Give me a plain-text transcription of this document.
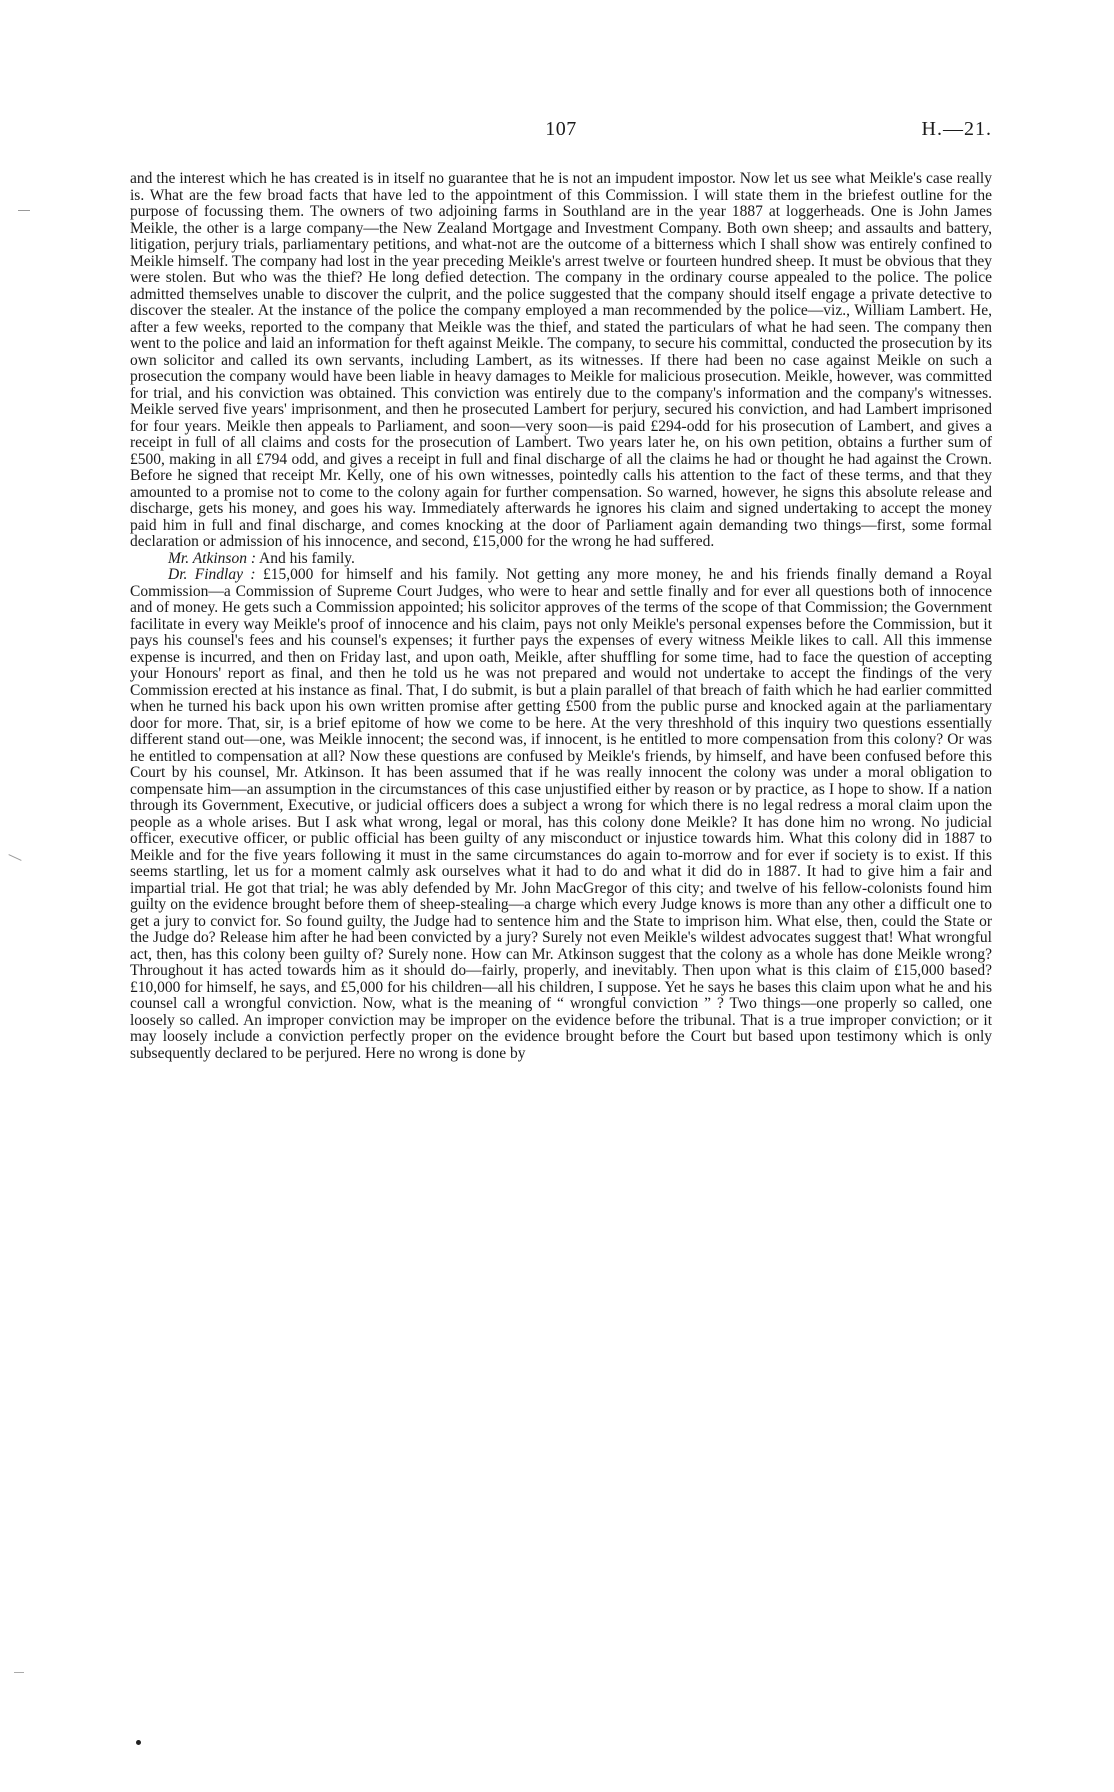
107	H.—21.

and the interest which he has created is in itself no guarantee that he is not an impudent impostor. Now let us see what Meikle's case really is. What are the few broad facts that have led to the appointment of this Commission. I will state them in the briefest outline for the purpose of focussing them. The owners of two adjoining farms in Southland are in the year 1887 at loggerheads. One is John James Meikle, the other is a large company—the New Zealand Mortgage and Investment Company. Both own sheep; and assaults and battery, litigation, perjury trials, parliamentary petitions, and what-not are the outcome of a bitterness which I shall show was entirely confined to Meikle himself. The company had lost in the year preceding Meikle's arrest twelve or fourteen hundred sheep. It must be obvious that they were stolen. But who was the thief? He long defied detection. The company in the ordinary course appealed to the police. The police admitted themselves unable to discover the culprit, and the police suggested that the company should itself engage a private detective to discover the stealer. At the instance of the police the company employed a man recommended by the police—viz., William Lambert. He, after a few weeks, reported to the company that Meikle was the thief, and stated the particulars of what he had seen. The company then went to the police and laid an information for theft against Meikle. The company, to secure his committal, conducted the prosecution by its own solicitor and called its own servants, including Lambert, as its witnesses. If there had been no case against Meikle on such a prosecution the company would have been liable in heavy damages to Meikle for malicious prosecution. Meikle, however, was committed for trial, and his conviction was obtained. This conviction was entirely due to the company's information and the company's witnesses. Meikle served five years' imprisonment, and then he prosecuted Lambert for perjury, secured his conviction, and had Lambert imprisoned for four years. Meikle then appeals to Parliament, and soon—very soon—is paid £294-odd for his prosecution of Lambert, and gives a receipt in full of all claims and costs for the prosecution of Lambert. Two years later he, on his own petition, obtains a further sum of £500, making in all £794 odd, and gives a receipt in full and final discharge of all the claims he had or thought he had against the Crown. Before he signed that receipt Mr. Kelly, one of his own witnesses, pointedly calls his attention to the fact of these terms, and that they amounted to a promise not to come to the colony again for further compensation. So warned, however, he signs this absolute release and discharge, gets his money, and goes his way. Immediately afterwards he ignores his claim and signed undertaking to accept the money paid him in full and final discharge, and comes knocking at the door of Parliament again demanding two things—first, some formal declaration or admission of his innocence, and second, £15,000 for the wrong he had suffered.

Mr. Atkinson : And his family.

Dr. Findlay : £15,000 for himself and his family. Not getting any more money, he and his friends finally demand a Royal Commission—a Commission of Supreme Court Judges, who were to hear and settle finally and for ever all questions both of innocence and of money. He gets such a Commission appointed; his solicitor approves of the terms of the scope of that Commission; the Government facilitate in every way Meikle's proof of innocence and his claim, pays not only Meikle's personal expenses before the Commission, but it pays his counsel's fees and his counsel's expenses; it further pays the expenses of every witness Meikle likes to call. All this immense expense is incurred, and then on Friday last, and upon oath, Meikle, after shuffling for some time, had to face the question of accepting your Honours' report as final, and then he told us he was not prepared and would not undertake to accept the findings of the very Commission erected at his instance as final. That, I do submit, is but a plain parallel of that breach of faith which he had earlier committed when he turned his back upon his own written promise after getting £500 from the public purse and knocked again at the parliamentary door for more. That, sir, is a brief epitome of how we come to be here. At the very threshhold of this inquiry two questions essentially different stand out—one, was Meikle innocent; the second was, if innocent, is he entitled to more compensation from this colony? Or was he entitled to compensation at all? Now these questions are confused by Meikle's friends, by himself, and have been confused before this Court by his counsel, Mr. Atkinson. It has been assumed that if he was really innocent the colony was under a moral obligation to compensate him—an assumption in the circumstances of this case unjustified either by reason or by practice, as I hope to show. If a nation through its Government, Executive, or judicial officers does a subject a wrong for which there is no legal redress a moral claim upon the people as a whole arises. But I ask what wrong, legal or moral, has this colony done Meikle? It has done him no wrong. No judicial officer, executive officer, or public official has been guilty of any misconduct or injustice towards him. What this colony did in 1887 to Meikle and for the five years following it must in the same circumstances do again to-morrow and for ever if society is to exist. If this seems startling, let us for a moment calmly ask ourselves what it had to do and what it did do in 1887. It had to give him a fair and impartial trial. He got that trial; he was ably defended by Mr. John MacGregor of this city; and twelve of his fellow-colonists found him guilty on the evidence brought before them of sheep-stealing—a charge which every Judge knows is more than any other a difficult one to get a jury to convict for. So found guilty, the Judge had to sentence him and the State to imprison him. What else, then, could the State or the Judge do? Release him after he had been convicted by a jury? Surely not even Meikle's wildest advocates suggest that! What wrongful act, then, has this colony been guilty of? Surely none. How can Mr. Atkinson suggest that the colony as a whole has done Meikle wrong? Throughout it has acted towards him as it should do—fairly, properly, and inevitably. Then upon what is this claim of £15,000 based? £10,000 for himself, he says, and £5,000 for his children—all his children, I suppose. Yet he says he bases this claim upon what he and his counsel call a wrongful conviction. Now, what is the meaning of “ wrongful conviction ” ? Two things—one properly so called, one loosely so called. An improper conviction may be improper on the evidence before the tribunal. That is a true improper conviction; or it may loosely include a conviction perfectly proper on the evidence brought before the Court but based upon testimony which is only subsequently declared to be perjured. Here no wrong is done by
